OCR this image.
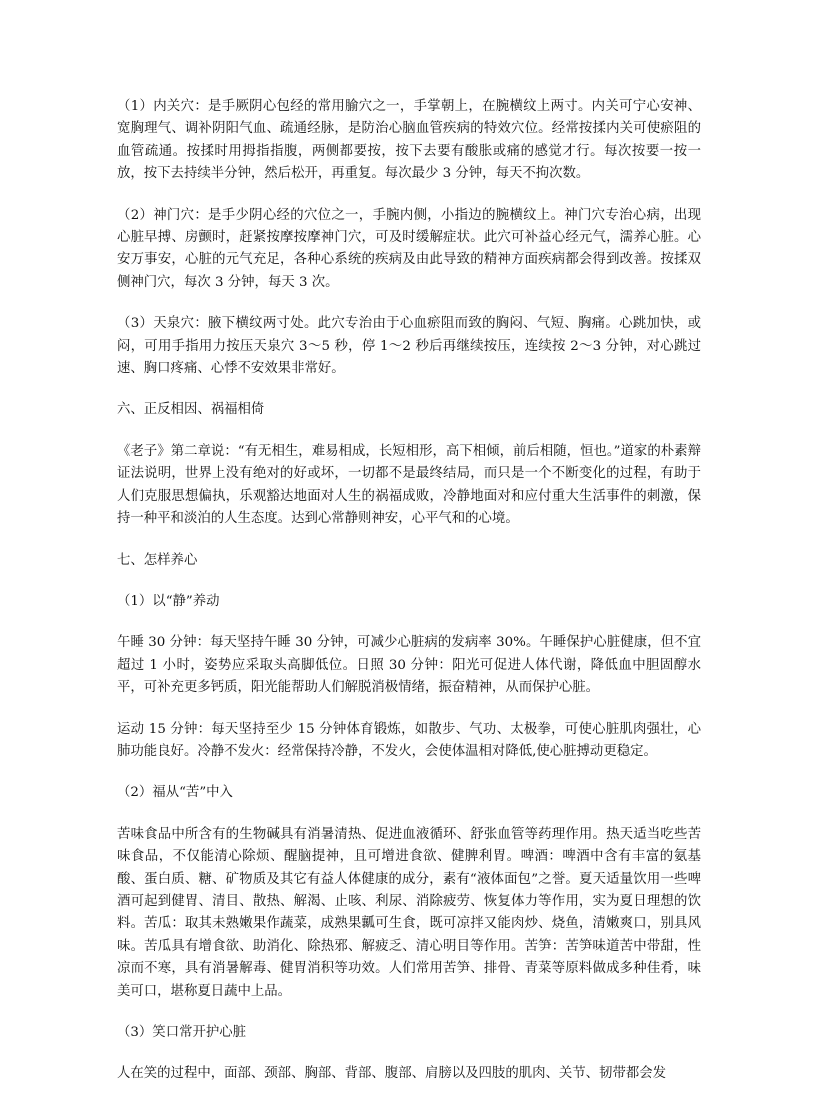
（1）内关穴：是手厥阴心包经的常用腧穴之一，手掌朝上，在腕横纹上两寸。内关可宁心安神、宽胸理气、调补阴阳气血、疏通经脉，是防治心脑血管疾病的特效穴位。经常按揉内关可使瘀阻的血管疏通。按揉时用拇指指腹，两侧都要按，按下去要有酸胀或痛的感觉才行。每次按要一按一放，按下去持续半分钟，然后松开，再重复。每次最少 3 分钟，每天不拘次数。

（2）神门穴：是手少阴心经的穴位之一，手腕内侧，小指边的腕横纹上。神门穴专治心病，出现心脏早搏、房颤时，赶紧按摩按摩神门穴，可及时缓解症状。此穴可补益心经元气，濡养心脏。心安万事安，心脏的元气充足，各种心系统的疾病及由此导致的精神方面疾病都会得到改善。按揉双侧神门穴，每次 3 分钟，每天 3 次。

（3）天泉穴：腋下横纹两寸处。此穴专治由于心血瘀阻而致的胸闷、气短、胸痛。心跳加快，或闷，可用手指用力按压天泉穴 3～5 秒，停 1～2 秒后再继续按压，连续按 2～3 分钟，对心跳过速、胸口疼痛、心悸不安效果非常好。

六、正反相因、祸福相倚

《老子》第二章说：“有无相生，难易相成，长短相形，高下相倾，前后相随，恒也。”道家的朴素辩证法说明，世界上没有绝对的好或坏，一切都不是最终结局，而只是一个不断变化的过程，有助于人们克服思想偏执，乐观豁达地面对人生的祸福成败，冷静地面对和应付重大生活事件的刺激，保持一种平和淡泊的人生态度。达到心常静则神安，心平气和的心境。

七、怎样养心

（1）以“静”养动

午睡 30 分钟：每天坚持午睡 30 分钟，可减少心脏病的发病率 30%。午睡保护心脏健康，但不宜超过 1 小时，姿势应采取头高脚低位。日照 30 分钟：阳光可促进人体代谢，降低血中胆固醇水平，可补充更多钙质，阳光能帮助人们解脱消极情绪，振奋精神，从而保护心脏。

运动 15 分钟：每天坚持至少 15 分钟体育锻炼，如散步、气功、太极拳，可使心脏肌肉强壮，心肺功能良好。冷静不发火：经常保持冷静，不发火，会使体温相对降低,使心脏搏动更稳定。

（2）福从“苦”中入

苦味食品中所含有的生物碱具有消暑清热、促进血液循环、舒张血管等药理作用。热天适当吃些苦味食品，不仅能清心除烦、醒脑提神，且可增进食欲、健脾利胃。啤酒：啤酒中含有丰富的氨基酸、蛋白质、糖、矿物质及其它有益人体健康的成分，素有“液体面包”之誉。夏天适量饮用一些啤酒可起到健胃、清目、散热、解渴、止咳、利尿、消除疲劳、恢复体力等作用，实为夏日理想的饮料。苦瓜：取其未熟嫩果作蔬菜，成熟果瓤可生食，既可凉拌又能肉炒、烧鱼，清嫩爽口，别具风味。苦瓜具有增食欲、助消化、除热邪、解疲乏、清心明目等作用。苦笋：苦笋味道苦中带甜，性凉而不寒，具有消暑解毒、健胃消积等功效。人们常用苦笋、排骨、青菜等原料做成多种佳肴，味美可口，堪称夏日蔬中上品。

（3）笑口常开护心脏

人在笑的过程中，面部、颈部、胸部、背部、腹部、肩膀以及四肢的肌肉、关节、韧带都会发
